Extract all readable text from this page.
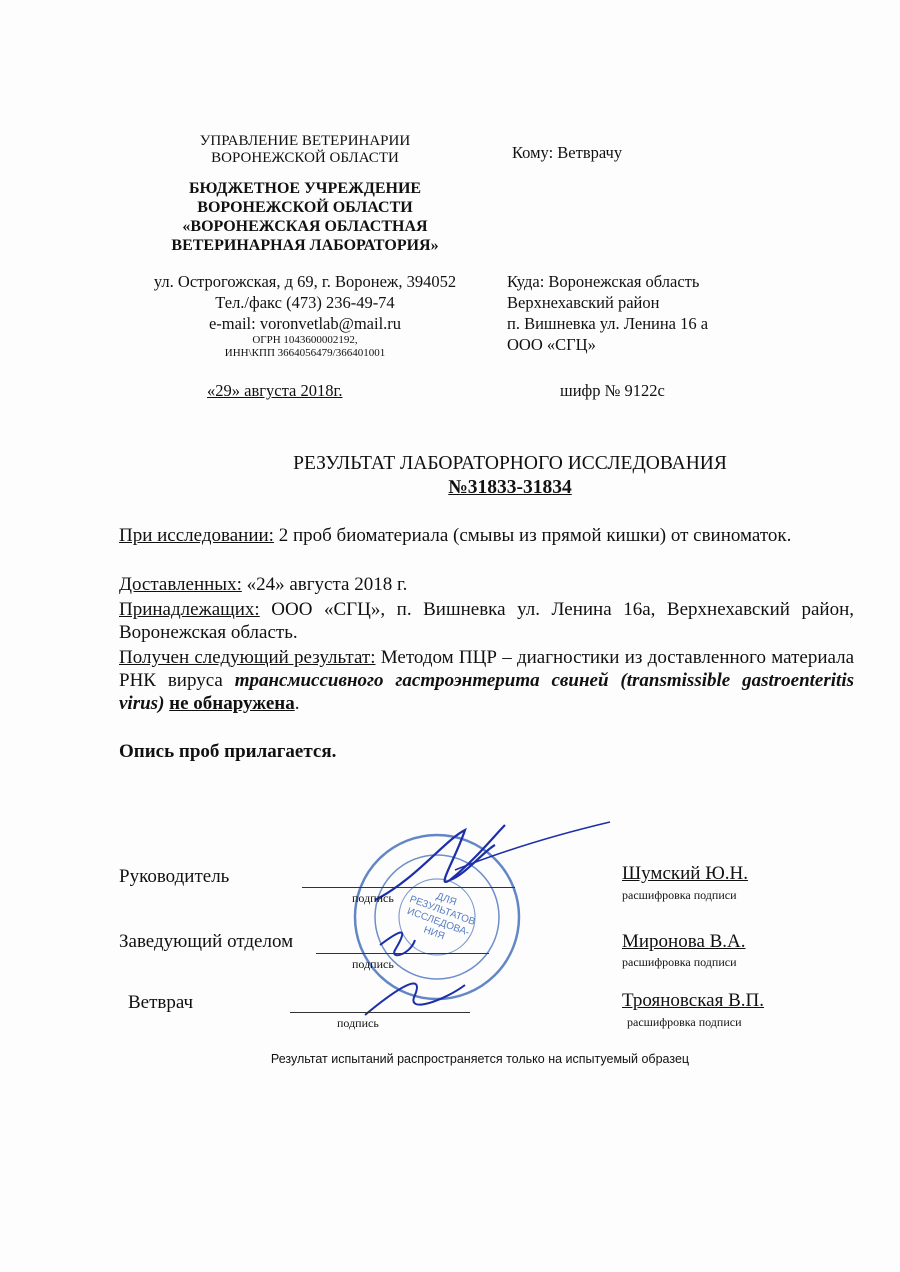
УПРАВЛЕНИЕ ВЕТЕРИНАРИИ
ВОРОНЕЖСКОЙ ОБЛАСТИ
БЮДЖЕТНОЕ УЧРЕЖДЕНИЕ
ВОРОНЕЖСКОЙ ОБЛАСТИ
«ВОРОНЕЖСКАЯ ОБЛАСТНАЯ
ВЕТЕРИНАРНАЯ ЛАБОРАТОРИЯ»
ул. Острогожская, д 69, г. Воронеж, 394052
Тел./факс (473) 236-49-74
e-mail: voronvetlab@mail.ru
ОГРН 1043600002192,
ИНН\КПП 3664056479/366401001
«29» августа 2018г.
Кому: Ветврачу
Куда: Воронежская область
Верхнехавский район
п. Вишневка ул. Ленина 16 а
ООО «СГЦ»
шифр № 9122с
РЕЗУЛЬТАТ ЛАБОРАТОРНОГО ИССЛЕДОВАНИЯ
№31833-31834

При исследовании: 2 проб биоматериала (смывы из прямой кишки) от свиноматок.

Доставленных: «24» августа 2018 г.

Принадлежащих: ООО «СГЦ», п. Вишневка ул. Ленина 16а, Верхнехавский район, Воронежская область.

Получен следующий результат: Методом ПЦР – диагностики из доставленного материала РНК вируса трансмиссивного гастроэнтерита свиней (transmissible gastroenteritis virus) не обнаружена.

Опись проб прилагается.
ДЛЯ РЕЗУЛЬТАТОВ ИССЛЕДОВА-НИЯ
Руководитель
подпись
Шумский Ю.Н.
расшифровка подписи
Заведующий отделом
подпись
Миронова В.А.
расшифровка подписи
Ветврач
подпись
Трояновская В.П.
расшифровка подписи
Результат испытаний распространяется только на испытуемый образец
